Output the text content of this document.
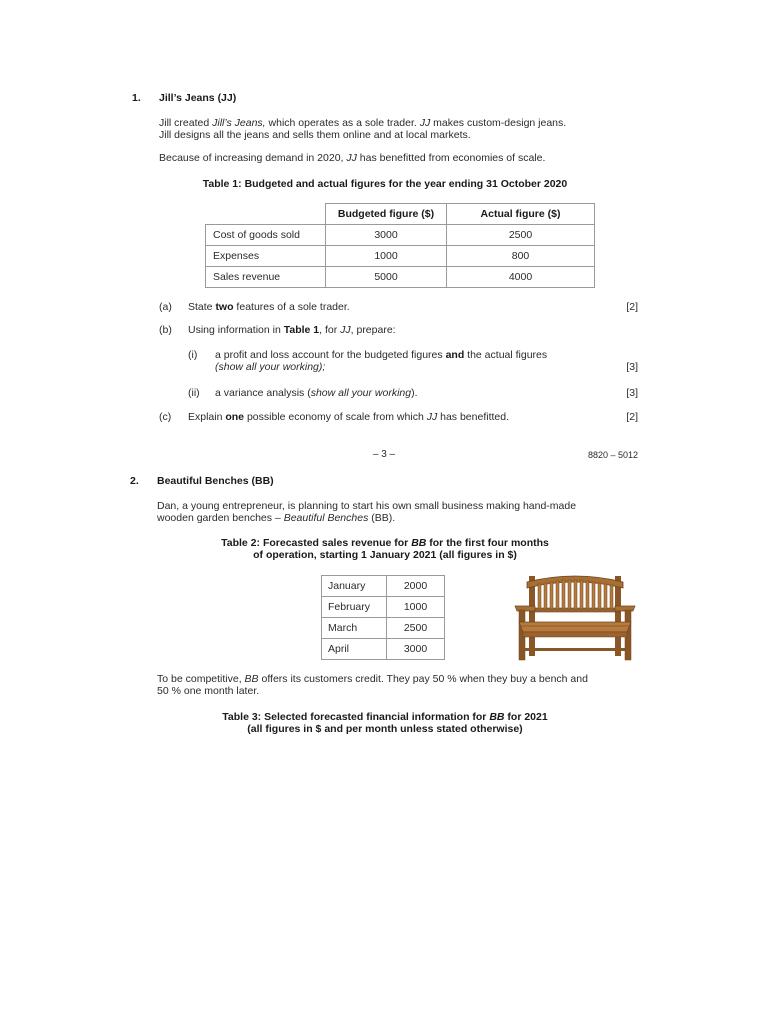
1. Jill’s Jeans (JJ)
Jill created Jill’s Jeans, which operates as a sole trader. JJ makes custom-design jeans.
Jill designs all the jeans and sells them online and at local markets.
Because of increasing demand in 2020, JJ has benefitted from economies of scale.
Table 1: Budgeted and actual figures for the year ending 31 October 2020
	Budgeted figure ($)	Actual figure ($)
Cost of goods sold	3000	2500
Expenses	1000	800
Sales revenue	5000	4000
(a) State two features of a sole trader.	[2]
(b) Using information in Table 1, for JJ, prepare:
(i) a profit and loss account for the budgeted figures and the actual figures
(show all your working);	[3]
(ii) a variance analysis (show all your working).	[3]
(c) Explain one possible economy of scale from which JJ has benefitted.	[2]
– 3 –	8820 – 5012
2. Beautiful Benches (BB)
Dan, a young entrepreneur, is planning to start his own small business making hand-made
wooden garden benches – Beautiful Benches (BB).
Table 2: Forecasted sales revenue for BB for the first four months
of operation, starting 1 January 2021 (all figures in $)
January	2000
February	1000
March	2500
April	3000
To be competitive, BB offers its customers credit. They pay 50 % when they buy a bench and
50 % one month later.
Table 3: Selected forecasted financial information for BB for 2021
(all figures in $ and per month unless stated otherwise)
